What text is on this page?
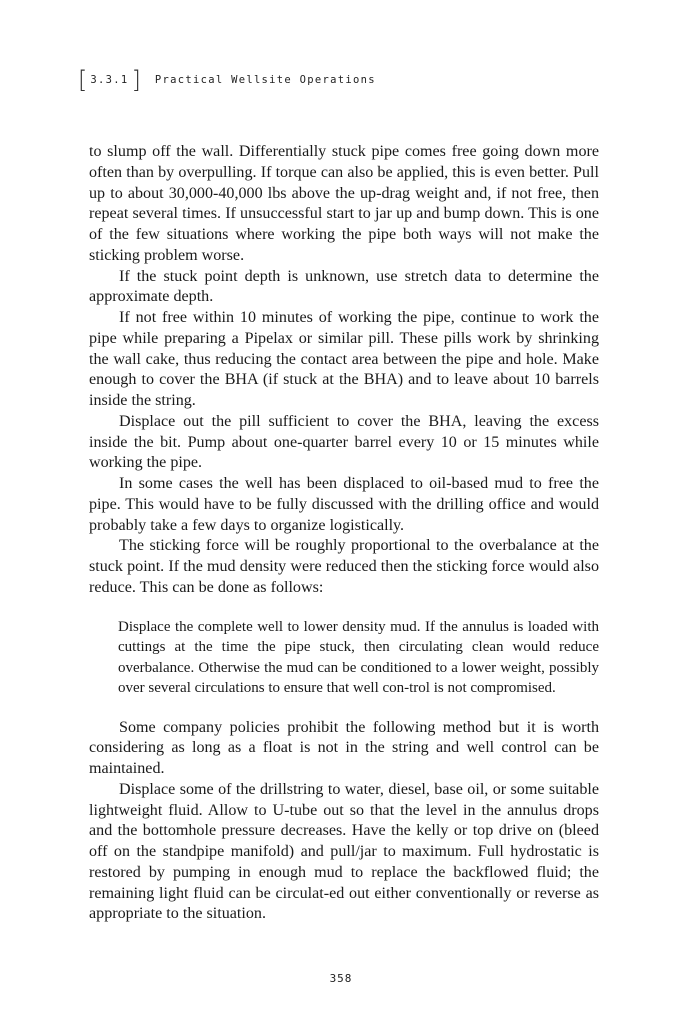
[ 3.3.1 ] Practical Wellsite Operations

to slump off the wall. Differentially stuck pipe comes free going down more often than by overpulling. If torque can also be applied, this is even better. Pull up to about 30,000-40,000 lbs above the up-drag weight and, if not free, then repeat several times. If unsuccessful start to jar up and bump down. This is one of the few situations where working the pipe both ways will not make the sticking problem worse.

If the stuck point depth is unknown, use stretch data to determine the approximate depth.

If not free within 10 minutes of working the pipe, continue to work the pipe while preparing a Pipelax or similar pill. These pills work by shrinking the wall cake, thus reducing the contact area between the pipe and hole. Make enough to cover the BHA (if stuck at the BHA) and to leave about 10 barrels inside the string.

Displace out the pill sufficient to cover the BHA, leaving the excess inside the bit. Pump about one-quarter barrel every 10 or 15 minutes while working the pipe.

In some cases the well has been displaced to oil-based mud to free the pipe. This would have to be fully discussed with the drilling office and would probably take a few days to organize logistically.

The sticking force will be roughly proportional to the overbalance at the stuck point. If the mud density were reduced then the sticking force would also reduce. This can be done as follows:

Displace the complete well to lower density mud. If the annulus is loaded with cuttings at the time the pipe stuck, then circulating clean would reduce overbalance. Otherwise the mud can be conditioned to a lower weight, possibly over several circulations to ensure that well con-trol is not compromised.

Some company policies prohibit the following method but it is worth considering as long as a float is not in the string and well control can be maintained.

Displace some of the drillstring to water, diesel, base oil, or some suitable lightweight fluid. Allow to U-tube out so that the level in the annulus drops and the bottomhole pressure decreases. Have the kelly or top drive on (bleed off on the standpipe manifold) and pull/jar to maximum. Full hydrostatic is restored by pumping in enough mud to replace the backflowed fluid; the remaining light fluid can be circulat-ed out either conventionally or reverse as appropriate to the situation.

358
